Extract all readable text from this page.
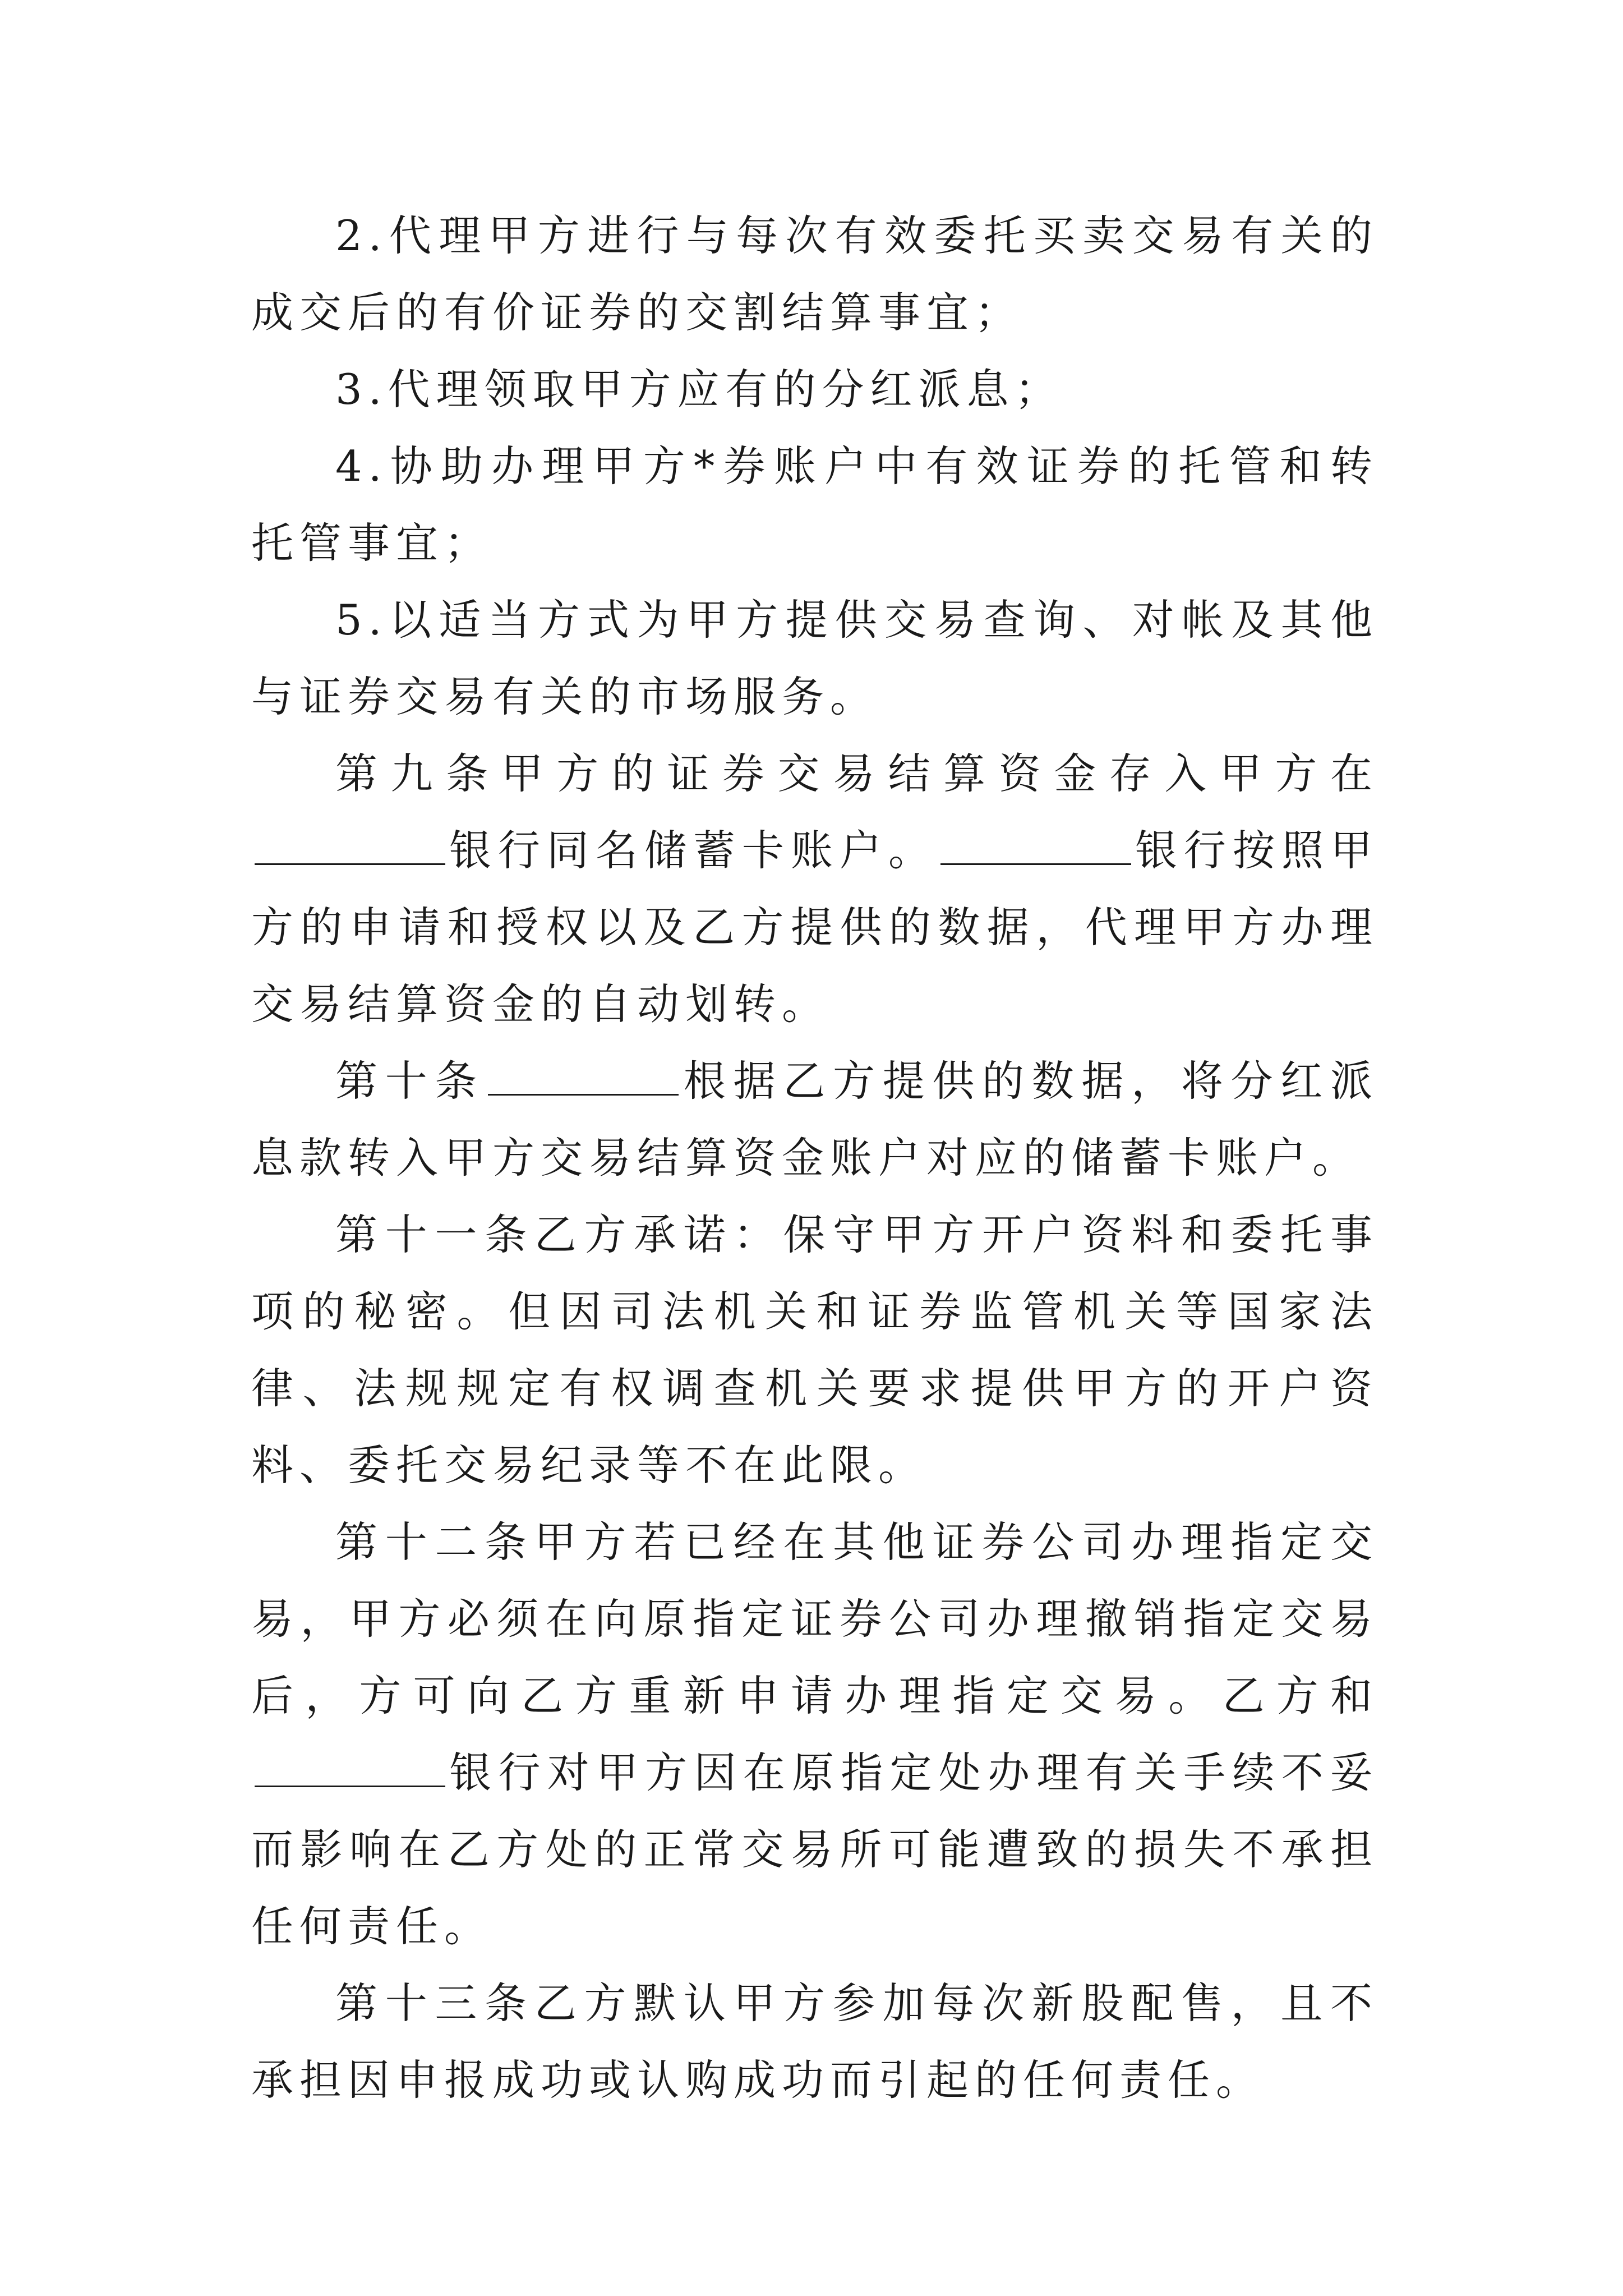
2.代理甲方进行与每次有效委托买卖交易有关的成交后的有价证券的交割结算事宜；

3.代理领取甲方应有的分红派息；

4.协助办理甲方*券账户中有效证券的托管和转托管事宜；

5.以适当方式为甲方提供交易查询、对帐及其他与证券交易有关的市场服务。

第九条甲方的证券交易结算资金存入甲方在银行同名储蓄卡账户。	银行按照甲方的申请和授权以及乙方提供的数据，代理甲方办理交易结算资金的自动划转。

第十条	根据乙方提供的数据，将分红派息款转入甲方交易结算资金账户对应的储蓄卡账户。

第十一条乙方承诺：保守甲方开户资料和委托事项的秘密。但因司法机关和证券监管机关等国家法律、法规规定有权调查机关要求提供甲方的开户资料、委托交易纪录等不在此限。

第十二条甲方若已经在其他证券公司办理指定交易，甲方必须在向原指定证券公司办理撤销指定交易后，方可向乙方重新申请办理指定交易。乙方和银行对甲方因在原指定处办理有关手续不妥而影响在乙方处的正常交易所可能遭致的损失不承担任何责任。

第十三条乙方默认甲方参加每次新股配售，且不承担因申报成功或认购成功而引起的任何责任。
